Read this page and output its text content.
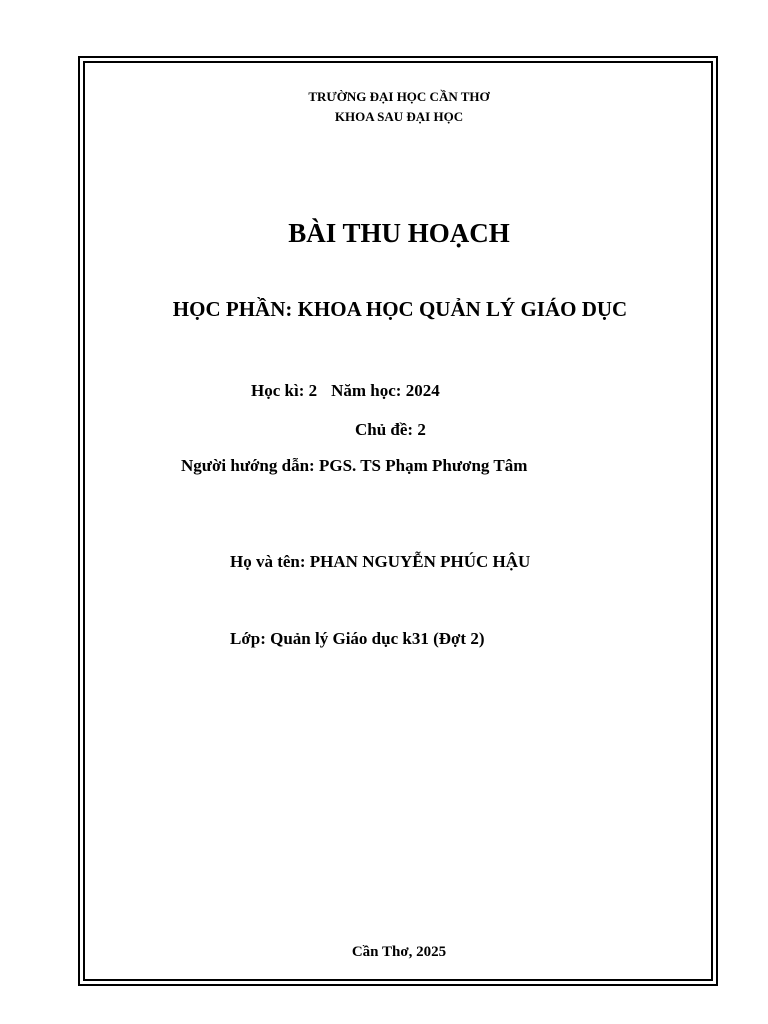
TRƯỜNG ĐẠI HỌC CẦN THƠ
KHOA SAU ĐẠI HỌC
BÀI THU HOẠCH
HỌC PHẦN: KHOA HỌC QUẢN LÝ GIÁO DỤC
Học kì: 2 Năm học: 2024
Chủ đề: 2
Người hướng dẫn: PGS. TS Phạm Phương Tâm
Họ và tên: PHAN NGUYỄN PHÚC HẬU
Lớp: Quản lý Giáo dục k31 (Đợt 2)
Cần Thơ, 2025
